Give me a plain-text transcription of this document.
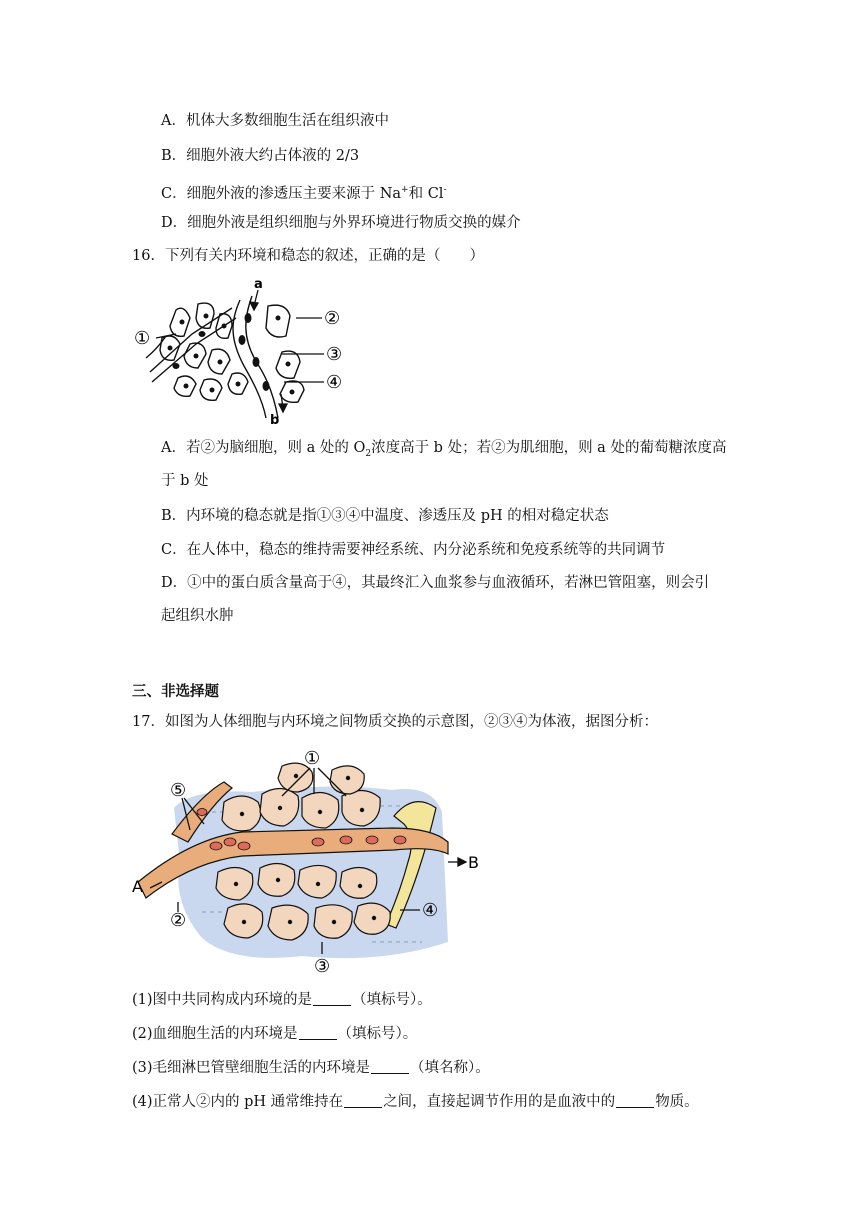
A．机体大多数细胞生活在组织液中
B．细胞外液大约占体液的 2/3
C．细胞外液的渗透压主要来源于 Na+和 Cl-
D．细胞外液是组织细胞与外界环境进行物质交换的媒介
16．下列有关内环境和稳态的叙述，正确的是（　　）
a
b
①
②
③
④
A．若②为脑细胞，则 a 处的 $O_2$浓度高于 b 处；若②为肌细胞，则 a 处的葡萄糖浓度高
于 b 处
B．内环境的稳态就是指①③④中温度、渗透压及 pH 的相对稳定状态
C．在人体中，稳态的维持需要神经系统、内分泌系统和免疫系统等的共同调节
D．①中的蛋白质含量高于④，其最终汇入血浆参与血液循环，若淋巴管阻塞，则会引
起组织水肿
三、非选择题
17．如图为人体细胞与内环境之间物质交换的示意图，②③④为体液，据图分析：
①
⑤
A
B
②	④
③
(1)图中共同构成内环境的是	（填标号）。
(2)血细胞生活的内环境是	（填标号）。
(3)毛细淋巴管壁细胞生活的内环境是	（填名称）。
(4)正常人②内的 pH 通常维持在	之间，直接起调节作用的是血液中的	物质。
